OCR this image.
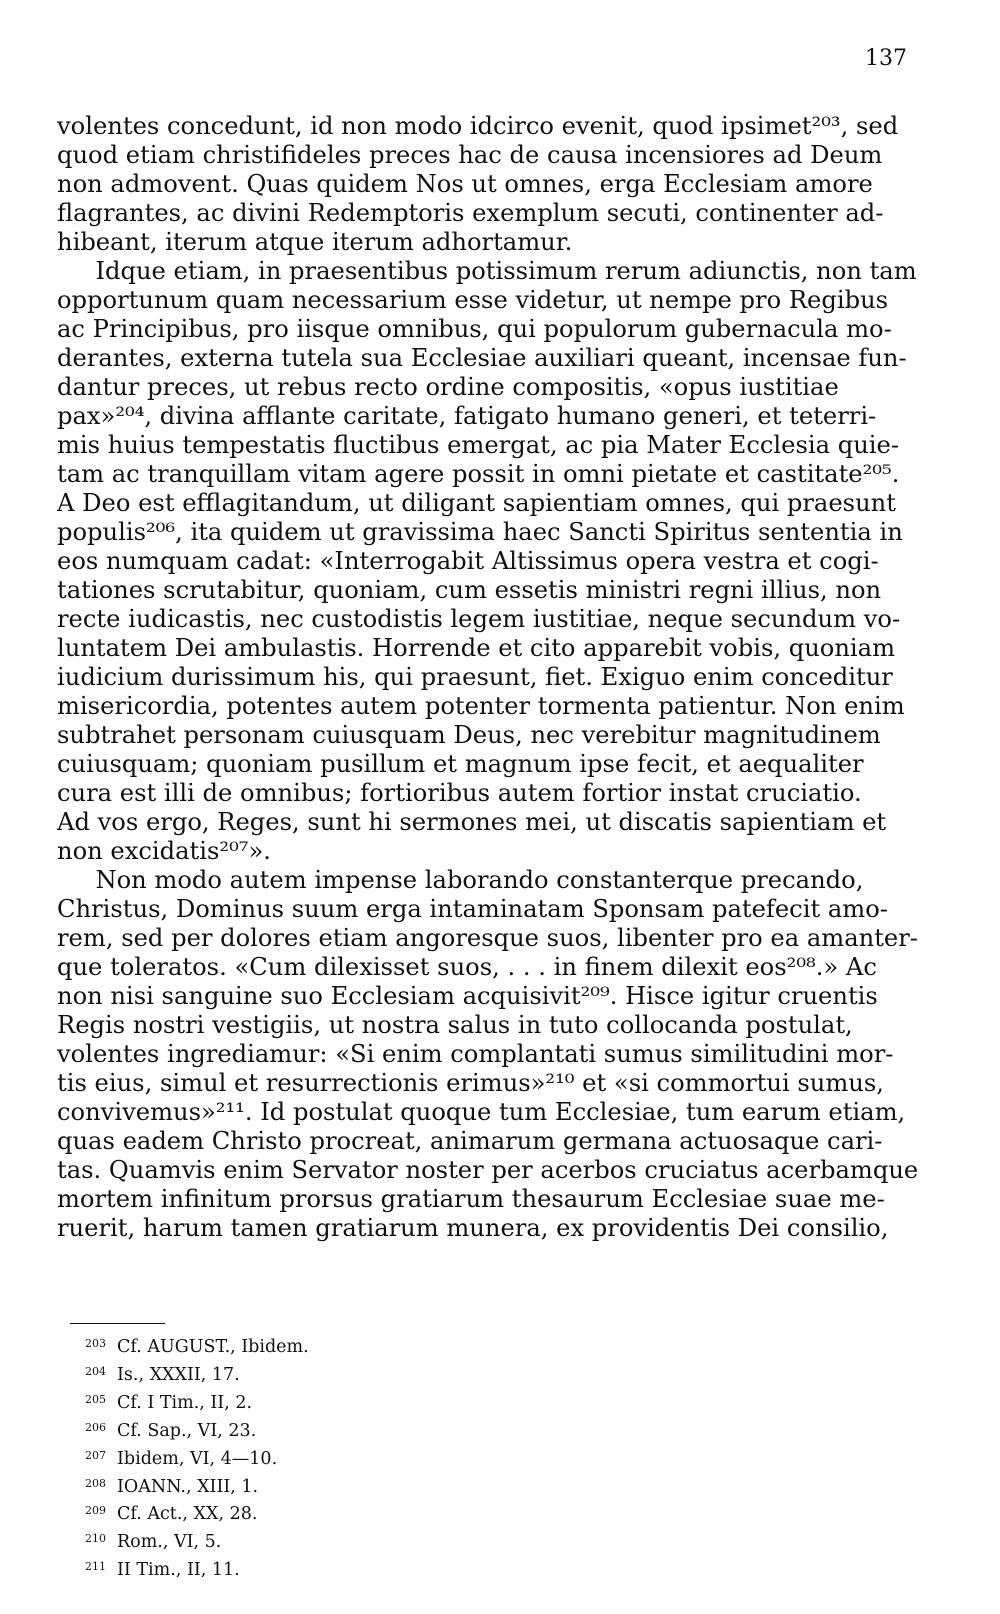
137
volentes concedunt, id non modo idcirco evenit, quod ipsimet²⁰³, sed
quod etiam christifideles preces hac de causa incensiores ad Deum
non admovent. Quas quidem Nos ut omnes, erga Ecclesiam amore
flagrantes, ac divini Redemptoris exemplum secuti, continenter ad-
hibeant, iterum atque iterum adhortamur.
Idque etiam, in praesentibus potissimum rerum adiunctis, non tam
opportunum quam necessarium esse videtur, ut nempe pro Regibus
ac Principibus, pro iisque omnibus, qui populorum gubernacula mo-
derantes, externa tutela sua Ecclesiae auxiliari queant, incensae fun-
dantur preces, ut rebus recto ordine compositis, «opus iustitiae
pax»²⁰⁴, divina afflante caritate, fatigato humano generi, et teterri-
mis huius tempestatis fluctibus emergat, ac pia Mater Ecclesia quie-
tam ac tranquillam vitam agere possit in omni pietate et castitate²⁰⁵.
A Deo est efflagitandum, ut diligant sapientiam omnes, qui praesunt
populis²⁰⁶, ita quidem ut gravissima haec Sancti Spiritus sententia in
eos numquam cadat: «Interrogabit Altissimus opera vestra et cogi-
tationes scrutabitur, quoniam, cum essetis ministri regni illius, non
recte iudicastis, nec custodistis legem iustitiae, neque secundum vo-
luntatem Dei ambulastis. Horrende et cito apparebit vobis, quoniam
iudicium durissimum his, qui praesunt, fiet. Exiguo enim conceditur
misericordia, potentes autem potenter tormenta patientur. Non enim
subtrahet personam cuiusquam Deus, nec verebitur magnitudinem
cuiusquam; quoniam pusillum et magnum ipse fecit, et aequaliter
cura est illi de omnibus; fortioribus autem fortior instat cruciatio.
Ad vos ergo, Reges, sunt hi sermones mei, ut discatis sapientiam et
non excidatis²⁰⁷».
Non modo autem impense laborando constanterque precando,
Christus, Dominus suum erga intaminatam Sponsam patefecit amo-
rem, sed per dolores etiam angoresque suos, libenter pro ea amanter-
que toleratos. «Cum dilexisset suos, . . . in finem dilexit eos²⁰⁸.» Ac
non nisi sanguine suo Ecclesiam acquisivit²⁰⁹. Hisce igitur cruentis
Regis nostri vestigiis, ut nostra salus in tuto collocanda postulat,
volentes ingrediamur: «Si enim complantati sumus similitudini mor-
tis eius, simul et resurrectionis erimus»²¹⁰ et «si commortui sumus,
convivemus»²¹¹. Id postulat quoque tum Ecclesiae, tum earum etiam,
quas eadem Christo procreat, animarum germana actuosaque cari-
tas. Quamvis enim Servator noster per acerbos cruciatus acerbamque
mortem infinitum prorsus gratiarum thesaurum Ecclesiae suae me-
ruerit, harum tamen gratiarum munera, ex providentis Dei consilio,
203 Cf. AUGUST., Ibidem.
204 Is., XXXII, 17.
205 Cf. I Tim., II, 2.
206 Cf. Sap., VI, 23.
207 Ibidem, VI, 4—10.
208 IOANN., XIII, 1.
209 Cf. Act., XX, 28.
210 Rom., VI, 5.
211 II Tim., II, 11.
